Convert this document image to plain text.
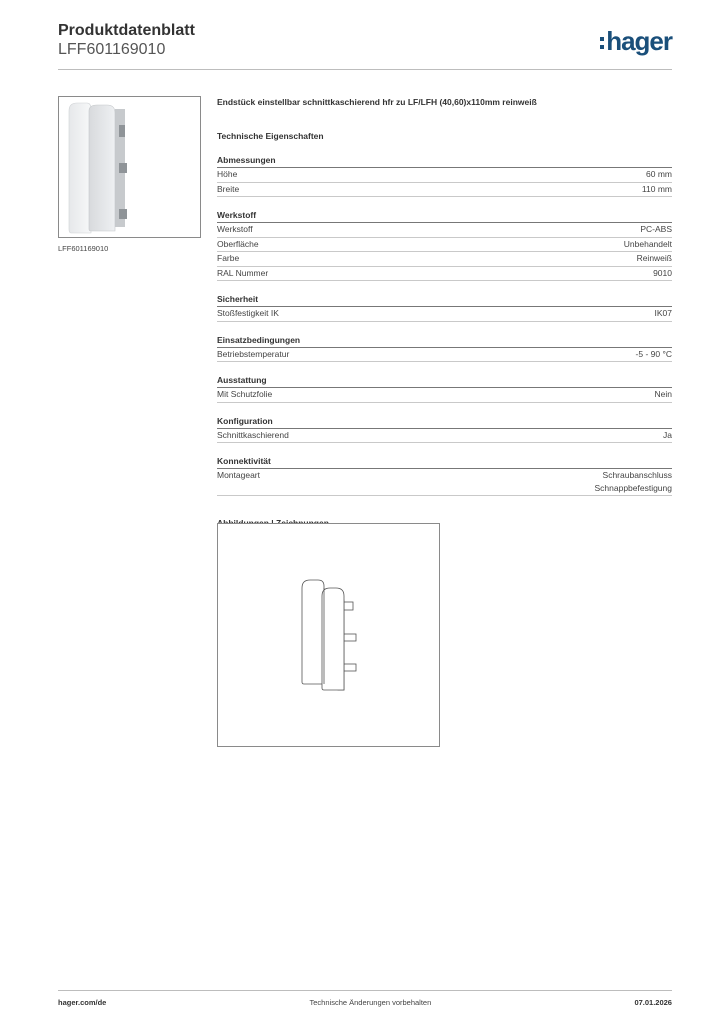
Produktdatenblatt
LFF601169010	hager
LFF601169010
Endstück einstellbar schnittkaschierend hfr zu LF/LFH (40,60)x110mm reinweiß
Technische Eigenschaften
Abmessungen
Höhe	60 mm
Breite	110 mm
Werkstoff
Werkstoff	PC-ABS
Oberfläche	Unbehandelt
Farbe	Reinweiß
RAL Nummer	9010
Sicherheit
Stoßfestigkeit IK	IK07
Einsatzbedingungen
Betriebstemperatur	-5 - 90 °C
Ausstattung
Mit Schutzfolie	Nein
Konfiguration
Schnittkaschierend	Ja
Konnektivität
Montageart	Schraubanschluss
Schnappbefestigung
hager.com/de	Technische Änderungen vorbehalten	07.01.2026
